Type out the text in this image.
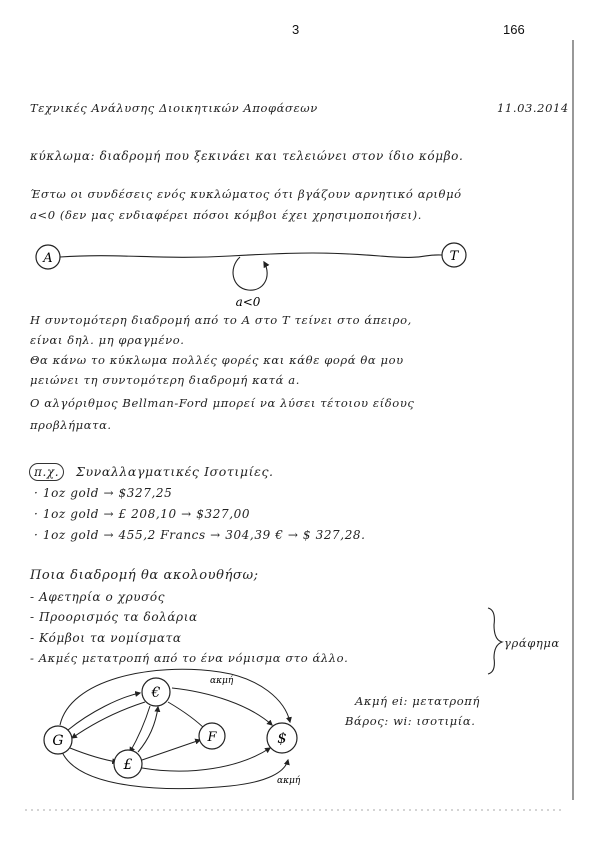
3	166
Τεχνικές Ανάλυσης Διοικητικών Αποφάσεων	11.03.2014
κύκλωμα: διαδρομή που ξεκινάει και τελειώνει στον ίδιο κόμβο.
Έστω οι συνδέσεις ενός κυκλώματος ότι βγάζουν αρνητικό αριθμό
a<0 (δεν μας ενδιαφέρει πόσοι κόμβοι έχει χρησιμοποιήσει).
Η συντομότερη διαδρομή από το A στο T τείνει στο άπειρο,
είναι δηλ. μη φραγμένο.
Θα κάνω το κύκλωμα πολλές φορές και κάθε φορά θα μου
μειώνει τη συντομότερη διαδρομή κατά a.
Ο αλγόριθμος Bellman-Ford μπορεί να λύσει τέτοιου είδους
προβλήματα.
π.χ.	Συναλλαγματικές Ισοτιμίες.
· 1oz gold → $327,25
· 1oz gold → £ 208,10 → $327,00
· 1oz gold → 455,2 Francs → 304,39 € → $ 327,28.
Ποια διαδρομή θα ακολουθήσω;
- Αφετηρία ο χρυσός
- Προορισμός τα δολάρια
- Κόμβοι τα νομίσματα
- Ακμές μετατροπή από το ένα νόμισμα στο άλλο.
γράφημα
Ακμή ei: μετατροπή
Βάρος: wi: ισοτιμία.
A	T
a<0
G
€
£
F	$
ακμή
ακμή
